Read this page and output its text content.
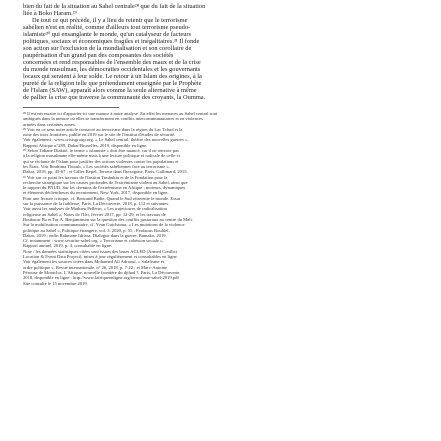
bien du fait de la situation au Sahel centrale²⁸ que du fait de la situation
liée à Boko Haram.²⁹

De tout ce qui précède, il y a lieu de retenir que le terrorisme
sahélien n'est en réalité, comme d'ailleurs tout terrorisme pseudo-
islamiste³⁰ qui ensanglante le monde, qu'un catalyseur de facteurs
politiques, sociaux et économiques fragiles et inégalitaires.³¹ Il fonde
son action sur l'exclusion de la mondialisation et son corollaire de
paupérisation d'un grand pan des composantes des sociétés
concernées et rend responsables de l'ensemble des maux et de la crise
du monde musulman, les démocraties occidentales et les gouvernants
locaux qui seraient à leur solde. Le retour à un Islam des origines, à la
pureté de la religion telle que prétendument enseignée par le Prophète
de l'Islam (SAW), apparaît alors comme la seule alternative à même
de pallier la crise que traverse la communauté des croyants, la Oumma.

²⁸ Il est nécessaire ici d'apporter ici une nuance à notre analyse. En effet les menaces au Sahel central sont
ambiguës dans la mesure où elles se transforment en conflits intercommunautaires et en violences
armées dans certaines zones.
²⁹ Voir en ce sens notre article consacré au terrorisme dans la région du Lac Tchad et la
zone des trois frontières, publié en 2019 sur le site de l'Institut d'études de sécurité.
Voir également : www.crisisgroup.org, « Le Sahel central, théâtre des nouvelles guerres »,
Rapport Afrique n°289, Dakar/Bruxelles, 2019, disponible en ligne.
³⁰ Selon Tidiane Diakité, le terme « islamiste » doit être nuancé, car il ne renvoie pas
à la religion musulmane elle-même mais à une lecture politique et radicale de celle-ci
qui se réclame de l'Islam pour justifier des actions violentes contre les populations et
les États. Voir Ibrahima Thioub, « Les sociétés sahéliennes face au terrorisme »,
Dakar, 2018, pp. 45-67 ; et Gilles Kepel, Terreur dans l'hexagone, Paris, Gallimard, 2015.
³¹ Voir sur ce point les travaux de l'Institut Timbuktu et de la Fondation pour la
recherche stratégique sur les causes profondes de l'extrémisme violent au Sahel, ainsi que
le rapport du PNUD, Sur les chemins de l'extrémisme en Afrique : moteurs, dynamiques
et éléments déclencheurs du recrutement, New York, 2017, disponible en ligne.
Pour une lecture critique, cf. Bertrand Badie, Quand le Sud réinvente le monde. Essai
sur la puissance de la faiblesse, Paris, La Découverte, 2018, p. 112 et suivantes.
Voir aussi les analyses de Mathieu Pellerin, « Les trajectoires de radicalisation
religieuse au Sahel », Notes de l'Ifri, février 2017, pp. 12-29, et les travaux de
Boubacar Ba et Tor A. Benjaminsen sur la question des conflits pastoraux au centre du Mali.
Sur la mobilisation communautaire, cf. Yvan Guichaoua, « Les mutations de la violence
politique au Sahel », Politique étrangère, vol. 3, 2020, p. 55 ; Ferdaous Bouhlel,
Dakar, 2019 ; enfin Rahmane Idrissa, Dialogue dans la guerre, Bamako, 2019.
Cf. notamment : www.securite-sahel.org, « Terrorisme et cohésion sociale »,
Rapport annuel, 2019, p. 4, consultable en ligne.
Note : les données statistiques citées sont issues des bases ACLED (Armed Conflict
Location & Event Data Project), mises à jour régulièrement et consultables en ligne.
Voir également les sources citées dans Mohamed Ali Adraoui, « Salafisme et
ordre politique », Revue internationale, n° 26, 2018, p. 7-22 ; et Marc-Antoine
Pérouse de Montclos, L'Afrique, nouvelle frontière du djihad ?, Paris, La Découverte,
2018, disponible en ligne : http://www.lafriqueenligne.org/terrorisme-sahel-2019.pdf
Site consulté le 15 novembre 2019.
